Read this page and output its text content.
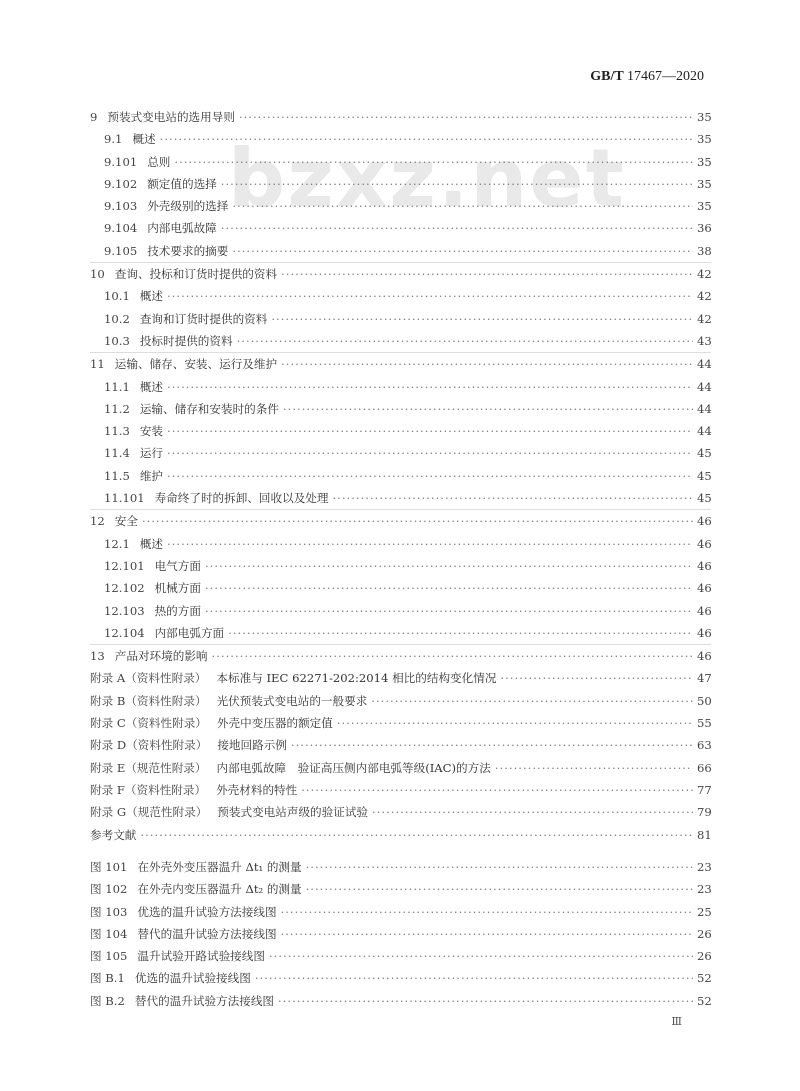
GB/T 17467—2020
bzxz.net
9 预装式变电站的选用导则 ·····	35
9.1 概述 ·····	35
9.101 总则 ·····	35
9.102 额定值的选择 ·····	35
9.103 外壳级别的选择 ·····	35
9.104 内部电弧故障 ·····	36
9.105 技术要求的摘要 ·····	38
10 查询、投标和订货时提供的资料 ·····	42
10.1 概述 ·····	42
10.2 查询和订货时提供的资料 ·····	42
10.3 投标时提供的资料 ·····	43
11 运输、储存、安装、运行及维护 ·····	44
11.1 概述 ·····	44
11.2 运输、储存和安装时的条件 ·····	44
11.3 安装 ·····	44
11.4 运行 ·····	45
11.5 维护 ·····	45
11.101 寿命终了时的拆卸、回收以及处理 ·····	45
12 安全 ·····	46
12.1 概述 ·····	46
12.101 电气方面 ·····	46
12.102 机械方面 ·····	46
12.103 热的方面 ·····	46
12.104 内部电弧方面 ·····	46
13 产品对环境的影响 ·····	46
附录 A（资料性附录） 本标准与 IEC 62271-202:2014 相比的结构变化情况 ·····	47
附录 B（资料性附录） 光伏预装式变电站的一般要求 ·····	50
附录 C（资料性附录） 外壳中变压器的额定值 ·····	55
附录 D（资料性附录） 接地回路示例 ·····	63
附录 E（规范性附录） 内部电弧故障　验证高压侧内部电弧等级(IAC)的方法 ·····	66
附录 F（资料性附录） 外壳材料的特性 ·····	77
附录 G（规范性附录） 预装式变电站声级的验证试验 ·····	79
参考文献 ·····	81
图 101 在外壳外变压器温升 Δt₁ 的测量 ·····	23
图 102 在外壳内变压器温升 Δt₂ 的测量 ·····	23
图 103 优选的温升试验方法接线图 ·····	25
图 104 替代的温升试验方法接线图 ·····	26
图 105 温升试验开路试验接线图 ·····	26
图 B.1 优选的温升试验接线图 ·····	52
图 B.2 替代的温升试验方法接线图 ·····	52
Ⅲ
